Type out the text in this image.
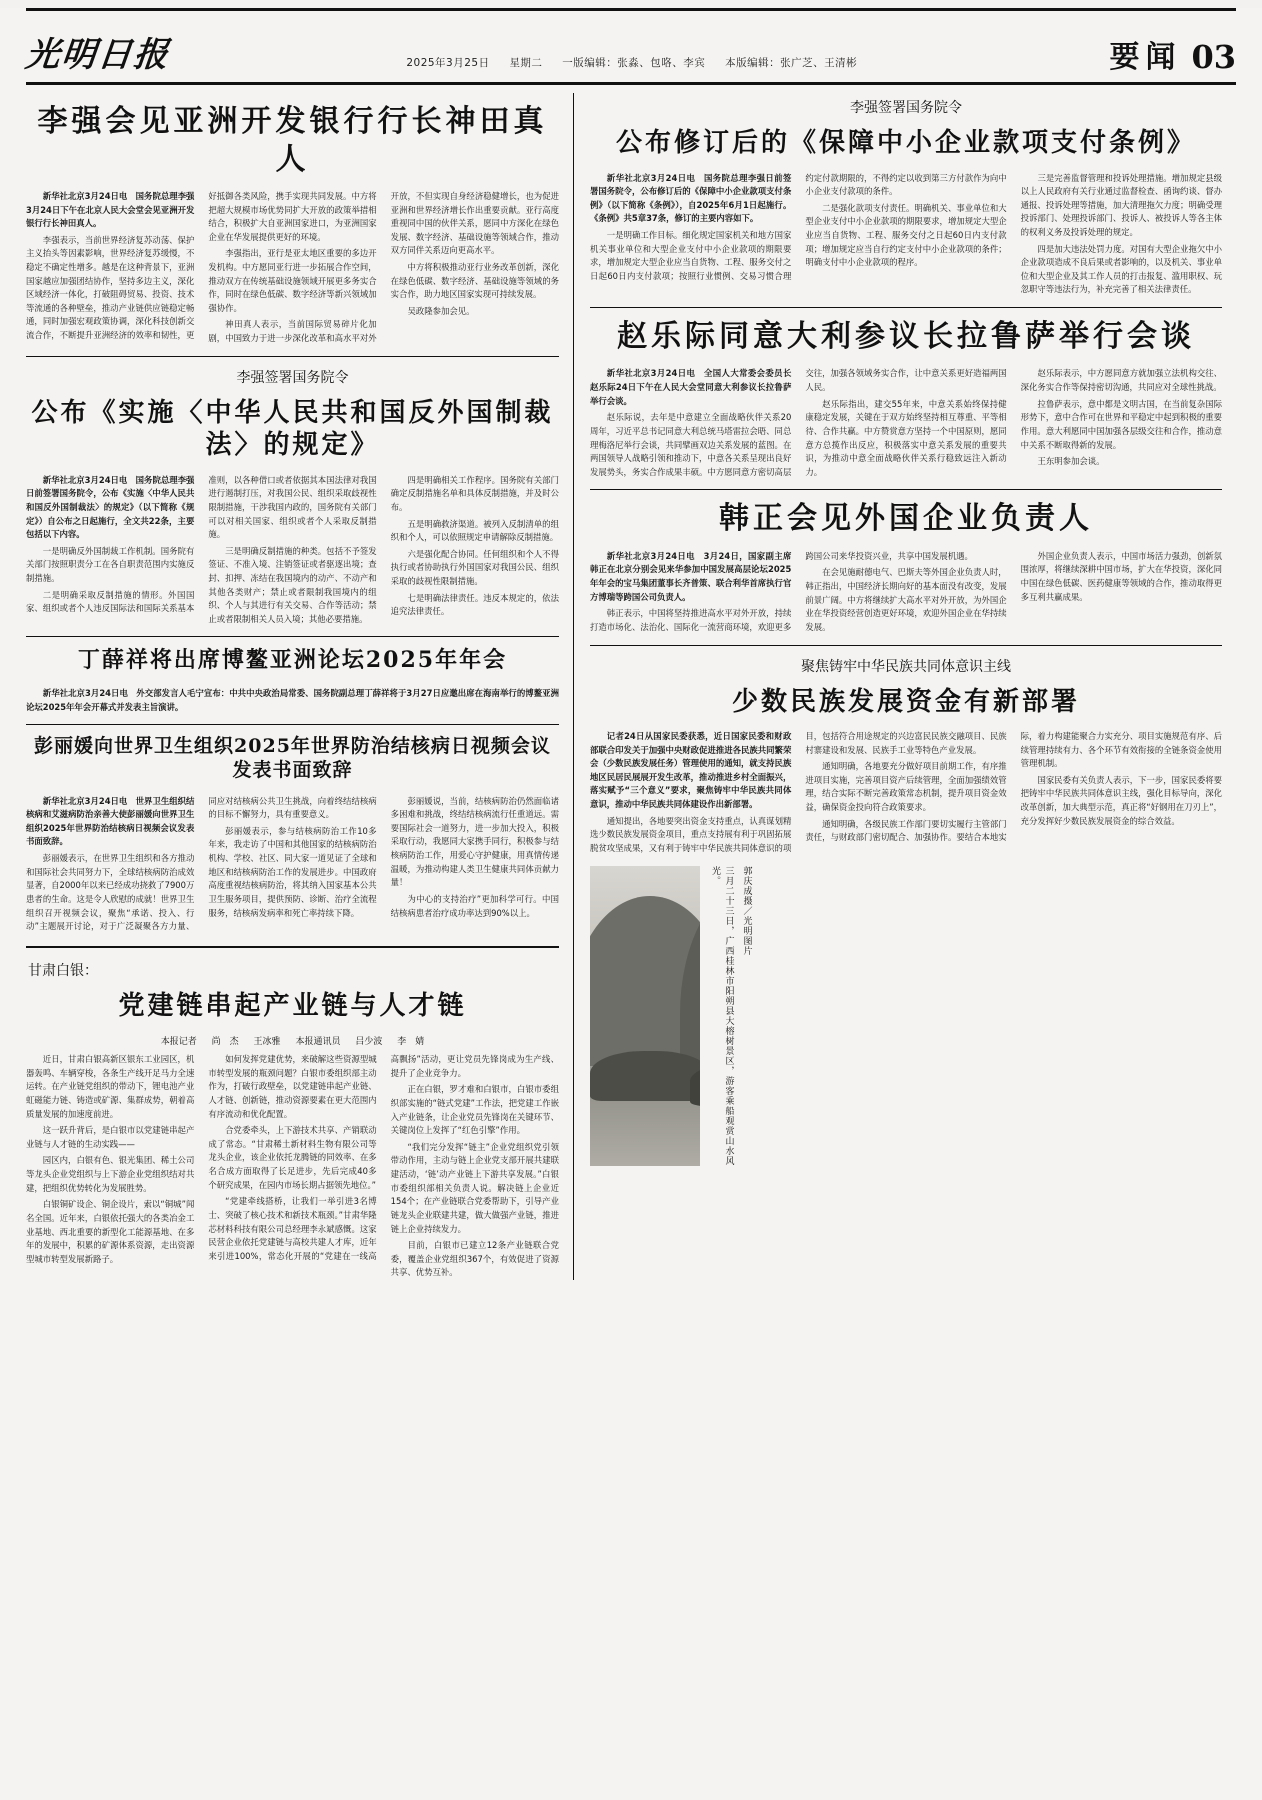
光明日报	2025年3月25日 星期二 一版编辑：张淼、包咯、李宾 本版编辑：张广芝、王清彬	要闻 03
李强会见亚洲开发银行行长神田真人

新华社北京3月24日电　国务院总理李强3月24日下午在北京人民大会堂会见亚洲开发银行行长神田真人。

李强表示，当前世界经济复苏动荡、保护主义抬头等因素影响，世界经济复苏缓慢，不稳定不确定性增多。越是在这种背景下，亚洲国家越应加强团结协作，坚持多边主义，深化区域经济一体化，打破阻碍贸易、投资、技术等流通的各种壁垒，推动产业链供应链稳定畅通，同时加强宏观政策协调，深化科技创新交流合作，不断提升亚洲经济的效率和韧性，更好抵御各类风险，携手实现共同发展。中方将把超大规模市场优势同扩大开放的政策举措相结合，积极扩大自亚洲国家进口，为亚洲国家企业在华发展提供更好的环境。

李强指出，亚行是亚太地区重要的多边开发机构。中方愿同亚行进一步拓展合作空间，推动双方在传统基础设施领域开展更多务实合作，同时在绿色低碳、数字经济等新兴领域加强协作。

神田真人表示，当前国际贸易碎片化加剧，中国致力于进一步深化改革和高水平对外开放，不但实现自身经济稳健增长，也为促进亚洲和世界经济增长作出重要贡献。亚行高度重视同中国的伙伴关系，愿同中方深化在绿色发展、数字经济、基础设施等领域合作，推动双方同伴关系迈向更高水平。

中方将积极推动亚行业务改革创新，深化在绿色低碳、数字经济、基础设施等领域的务实合作，助力地区国家实现可持续发展。

吴政隆参加会见。

李强签署国务院令
公布《实施〈中华人民共和国反外国制裁法〉的规定》

新华社北京3月24日电　国务院总理李强日前签署国务院令，公布《实施〈中华人民共和国反外国制裁法〉的规定》（以下简称《规定》）自公布之日起施行，全文共22条，主要包括以下内容。

一是明确反外国制裁工作机制。国务院有关部门按照职责分工在各自职责范围内实施反制措施。

二是明确采取反制措施的情形。外国国家、组织或者个人违反国际法和国际关系基本准则，以各种借口或者依据其本国法律对我国进行遏制打压，对我国公民、组织采取歧视性限制措施，干涉我国内政的，国务院有关部门可以对相关国家、组织或者个人采取反制措施。

三是明确反制措施的种类。包括不予签发签证、不准入境、注销签证或者驱逐出境；查封、扣押、冻结在我国境内的动产、不动产和其他各类财产；禁止或者限制我国境内的组织、个人与其进行有关交易、合作等活动；禁止或者限制相关人员入境；其他必要措施。

四是明确相关工作程序。国务院有关部门确定反制措施名单和具体反制措施，并及时公布。

五是明确救济渠道。被列入反制清单的组织和个人，可以依照规定申请解除反制措施。

六是强化配合协同。任何组织和个人不得执行或者协助执行外国国家对我国公民、组织采取的歧视性限制措施。

七是明确法律责任。违反本规定的，依法追究法律责任。

丁薛祥将出席博鳌亚洲论坛2025年年会

新华社北京3月24日电　外交部发言人毛宁宣布：中共中央政治局常委、国务院副总理丁薛祥将于3月27日应邀出席在海南举行的博鳌亚洲论坛2025年年会开幕式并发表主旨演讲。

彭丽媛向世界卫生组织2025年世界防治结核病日视频会议发表书面致辞

新华社北京3月24日电　世界卫生组织结核病和艾滋病防治亲善大使彭丽媛向世界卫生组织2025年世界防治结核病日视频会议发表书面致辞。

彭丽媛表示，在世界卫生组织和各方推动和国际社会共同努力下，全球结核病防治成效显著，自2000年以来已经成功挠救了7900万患者的生命。这是令人欣慰的成就！世界卫生组织召开视频会议，聚焦“承诺、投入、行动”主题展开讨论，对于广泛凝聚各方力量、同应对结核病公共卫生挑战，向着终结结核病的目标不懈努力，具有重要意义。

彭丽媛表示，参与结核病防治工作10多年来，我走访了中国和其他国家的结核病防治机构、学校、社区、同大家一道见证了全球和地区和结核病防治工作的发展进步。中国政府高度重视结核病防治，将其纳入国家基本公共卫生服务项目，提供预防、诊断、治疗全流程服务，结核病发病率和死亡率持续下降。

彭丽媛说，当前，结核病防治仍然面临诸多困难和挑战，终结结核病流行任重道远。需要国际社会一道努力，进一步加大投入，积极采取行动，我愿同大家携手同行，积极参与结核病防治工作，用爱心守护健康，用真情传递温暖，为推动构建人类卫生健康共同体贡献力量！

为中心的支持治疗”更加科学可行。中国结核病患者治疗成功率达到90%以上。

甘肃白银：
党建链串起产业链与人才链
本报记者 尚　杰 王冰雅 本报通讯员 吕少波 李　婧

近日，甘肃白银高新区银东工业园区，机器轰鸣、车辆穿梭，各条生产线开足马力全速运转。在产业链党组织的带动下，锂电池产业虹磁能力链、铸造或矿源、集群成势，朝着高质量发展的加速度前进。

这一跃升背后，是白银市以党建链串起产业链与人才链的生动实践——

园区内，白银有色、银光集团、稀土公司等龙头企业党组织与上下游企业党组织结对共建，把组织优势转化为发展胜势。

白银铜矿设企、铜企设片，索以“铜城”闻名全国。近年来，白银依托强大的各类冶金工业基地、西北重要的新型化工能源基地、在多年的发展中，积累的矿源体系资源，走出资源型城市转型发展新路子。

如何发挥党建优势，来破解这些资源型城市转型发展的瓶颈问题？白银市委组织部主动作为，打破行政壁垒，以党建链串起产业链、人才链、创新链，推动资源要素在更大范围内有序流动和优化配置。

合党委牵头，上下游技术共享、产销联动成了常态。“甘肃稀土新材料生物有限公司等龙头企业，该企业依托龙腾链的同效率、在多名合成方面取得了长足进步，先后完成40多个研究成果，在园内市场长期占据领先地位。”

“党建牵线搭桥，让我们一举引进3名博士、突破了核心技术和新技术瓶颈。”甘肃华隆芯材料科技有限公司总经理李永斌感慨。这家民营企业依托党建链与高校共建人才库，近年来引进100%，常态化开展的“党建在一线高高飘扬”活动，更让党员先锋岗成为生产线、提升了企业竞争力。

正在白银，罗才难和白银市，白银市委组织部实施的“链式党建”工作法，把党建工作嵌入产业链条，让企业党员先锋岗在关键环节、关键岗位上发挥了“红色引擎”作用。

“我们完分发挥“链主”企业党组织党引领带动作用，主动与链上企业党支部开展共建联建活动，‘链’动产业链上下游共享发展。”白银市委组织部相关负责人说。解决链上企业近154个；在产业链联合党委帮助下，引导产业链龙头企业联建共建，做大做强产业链，推进链上企业持续发力。

目前，白银市已建立12条产业链联合党委，覆盖企业党组织367个，有效促进了资源共享、优势互补。

李强签署国务院令
公布修订后的《保障中小企业款项支付条例》

新华社北京3月24日电　国务院总理李强日前签署国务院令，公布修订后的《保障中小企业款项支付条例》（以下简称《条例》），自2025年6月1日起施行。《条例》共5章37条，修订的主要内容如下。

一是明确工作目标。细化规定国家机关和地方国家机关事业单位和大型企业支付中小企业款项的期限要求，增加规定大型企业应当自货物、工程、服务交付之日起60日内支付款项；按照行业惯例、交易习惯合理约定付款期限的，不得约定以收到第三方付款作为向中小企业支付款项的条件。

二是强化款项支付责任。明确机关、事业单位和大型企业支付中小企业款项的期限要求，增加规定大型企业应当自货物、工程、服务交付之日起60日内支付款项；增加规定应当自行约定支付中小企业款项的条件；明确支付中小企业款项的程序。

三是完善监督管理和投诉处理措施。增加规定县级以上人民政府有关行业通过监督检查、函询约谈、督办通报、投诉处理等措施，加大清理拖欠力度；明确受理投诉部门、处理投诉部门、投诉人、被投诉人等各主体的权利义务及投诉处理的规定。

四是加大违法处罚力度。对国有大型企业拖欠中小企业款项造成不良后果或者影响的，以及机关、事业单位和大型企业及其工作人员的打击报复、滥用职权、玩忽职守等违法行为，补充完善了相关法律责任。

赵乐际同意大利参议长拉鲁萨举行会谈

新华社北京3月24日电　全国人大常委会委员长赵乐际24日下午在人民大会堂同意大利参议长拉鲁萨举行会谈。

赵乐际说，去年是中意建立全面战略伙伴关系20周年，习近平总书记同意大利总统马塔雷拉会晤、同总理梅洛尼举行会谈，共同擘画双边关系发展的蓝图。在两国领导人战略引领和推动下，中意各关系呈现出良好发展势头，务实合作成果丰硕。中方愿同意方密切高层交往，加强各领域务实合作，让中意关系更好造福两国人民。

赵乐际指出，建交55年来，中意关系始终保持健康稳定发展，关键在于双方始终坚持相互尊重、平等相待、合作共赢。中方赞赏意方坚持一个中国原则，愿同意方总揽作出反应，积极落实中意关系发展的重要共识，为推动中意全面战略伙伴关系行稳致远注入新动力。

赵乐际表示，中方愿同意方就加强立法机构交往、深化务实合作等保持密切沟通，共同应对全球性挑战。

拉鲁萨表示，意中都是文明古国，在当前复杂国际形势下，意中合作可在世界和平稳定中起到积极的重要作用。意大利愿同中国加强各层级交往和合作，推动意中关系不断取得新的发展。

王东明参加会谈。

韩正会见外国企业负责人

新华社北京3月24日电　3月24日，国家副主席韩正在北京分别会见来华参加中国发展高层论坛2025年年会的宝马集团董事长齐普策、联合利华首席执行官方博瑞等跨国公司负责人。

韩正表示，中国将坚持推进高水平对外开放，持续打造市场化、法治化、国际化一流营商环境，欢迎更多跨国公司来华投资兴业，共享中国发展机遇。

在会见施耐德电气、巴斯夫等外国企业负责人时，韩正指出，中国经济长期向好的基本面没有改变，发展前景广阔。中方将继续扩大高水平对外开放，为外国企业在华投资经营创造更好环境，欢迎外国企业在华持续发展。

外国企业负责人表示，中国市场活力强劲，创新氛围浓厚，将继续深耕中国市场，扩大在华投资，深化同中国在绿色低碳、医药健康等领域的合作，推动取得更多互利共赢成果。

聚焦铸牢中华民族共同体意识主线
少数民族发展资金有新部署

记者24日从国家民委获悉，近日国家民委和财政部联合印发关于加强中央财政促进推进各民族共同繁荣会（少数民族发展任务）管理使用的通知，就支持民族地区民居民展展开发生改革，推动推进乡村全面振兴，落实赋予“三个意义”要求，聚焦铸牢中华民族共同体意识，推动中华民族共同体建设作出新部署。

通知提出，各地要突出资金支持重点，认真谋划精选少数民族发展资金项目，重点支持展有利于巩固拓展脱贫攻坚成果，又有利于铸牢中华民族共同体意识的项目，包括符合用途规定的兴边富民民族交融项目、民族村寨建设和发展、民族手工业等特色产业发展。

通知明确，各地要充分做好项目前期工作，有序推进项目实施，完善项目资产后续管理，全面加强绩效管理，结合实际不断完善政策常态机制，提升项目资金效益，确保资金投向符合政策要求。

通知明确，各级民族工作部门要切实履行主管部门责任，与财政部门密切配合、加强协作。要结合本地实际，着力构建能聚合力实充分、项目实施规范有序、后续管理持续有力、各个环节有效衔接的全链条资金使用管理机制。

国家民委有关负责人表示，下一步，国家民委将要把铸牢中华民族共同体意识主线，强化目标导向，深化改革创新，加大典型示范，真正将“好钢用在刀刃上”，充分发挥好少数民族发展资金的综合效益。

三月二十三日，广西桂林市阳朔县大榕树景区，游客乘船观赏山水风光。	郭庆成摄／光明图片
